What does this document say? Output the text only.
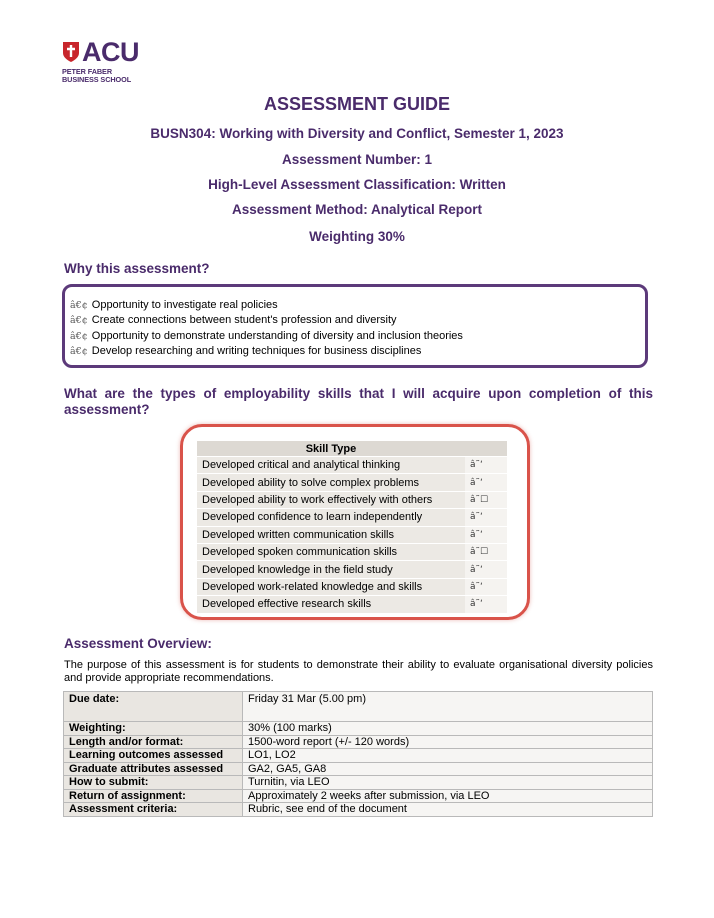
ACU
PETER FABER
BUSINESS SCHOOL
ASSESSMENT GUIDE
BUSN304: Working with Diversity and Conflict, Semester 1, 2023
Assessment Number: 1
High-Level Assessment Classification: Written
Assessment Method: Analytical Report
Weighting 30%
Why this assessment?
â€¢ Opportunity to investigate real policies
â€¢ Create connections between student's profession and diversity
â€¢ Opportunity to demonstrate understanding of diversity and inclusion theories
â€¢ Develop researching and writing techniques for business disciplines
What are the types of employability skills that I will acquire upon completion of this assessment?
Skill Type	
Developed critical and analytical thinking	â˜‘
Developed ability to solve complex problems	â˜‘
Developed ability to work effectively with others	â˜☐
Developed confidence to learn independently	â˜‘
Developed written communication skills	â˜‘
Developed spoken communication skills	â˜☐
Developed knowledge in the field study	â˜‘
Developed work-related knowledge and skills	â˜‘
Developed effective research skills	â˜‘
Assessment Overview:
The purpose of this assessment is for students to demonstrate their ability to evaluate organisational diversity policies and provide appropriate recommendations.
Due date:	Friday 31 Mar (5.00 pm)
Weighting:	30% (100 marks)
Length and/or format:	1500-word report (+/- 120 words)
Learning outcomes assessed	LO1, LO2
Graduate attributes assessed	GA2, GA5, GA8
How to submit:	Turnitin, via LEO
Return of assignment:	Approximately 2 weeks after submission, via LEO
Assessment criteria:	Rubric, see end of the document
